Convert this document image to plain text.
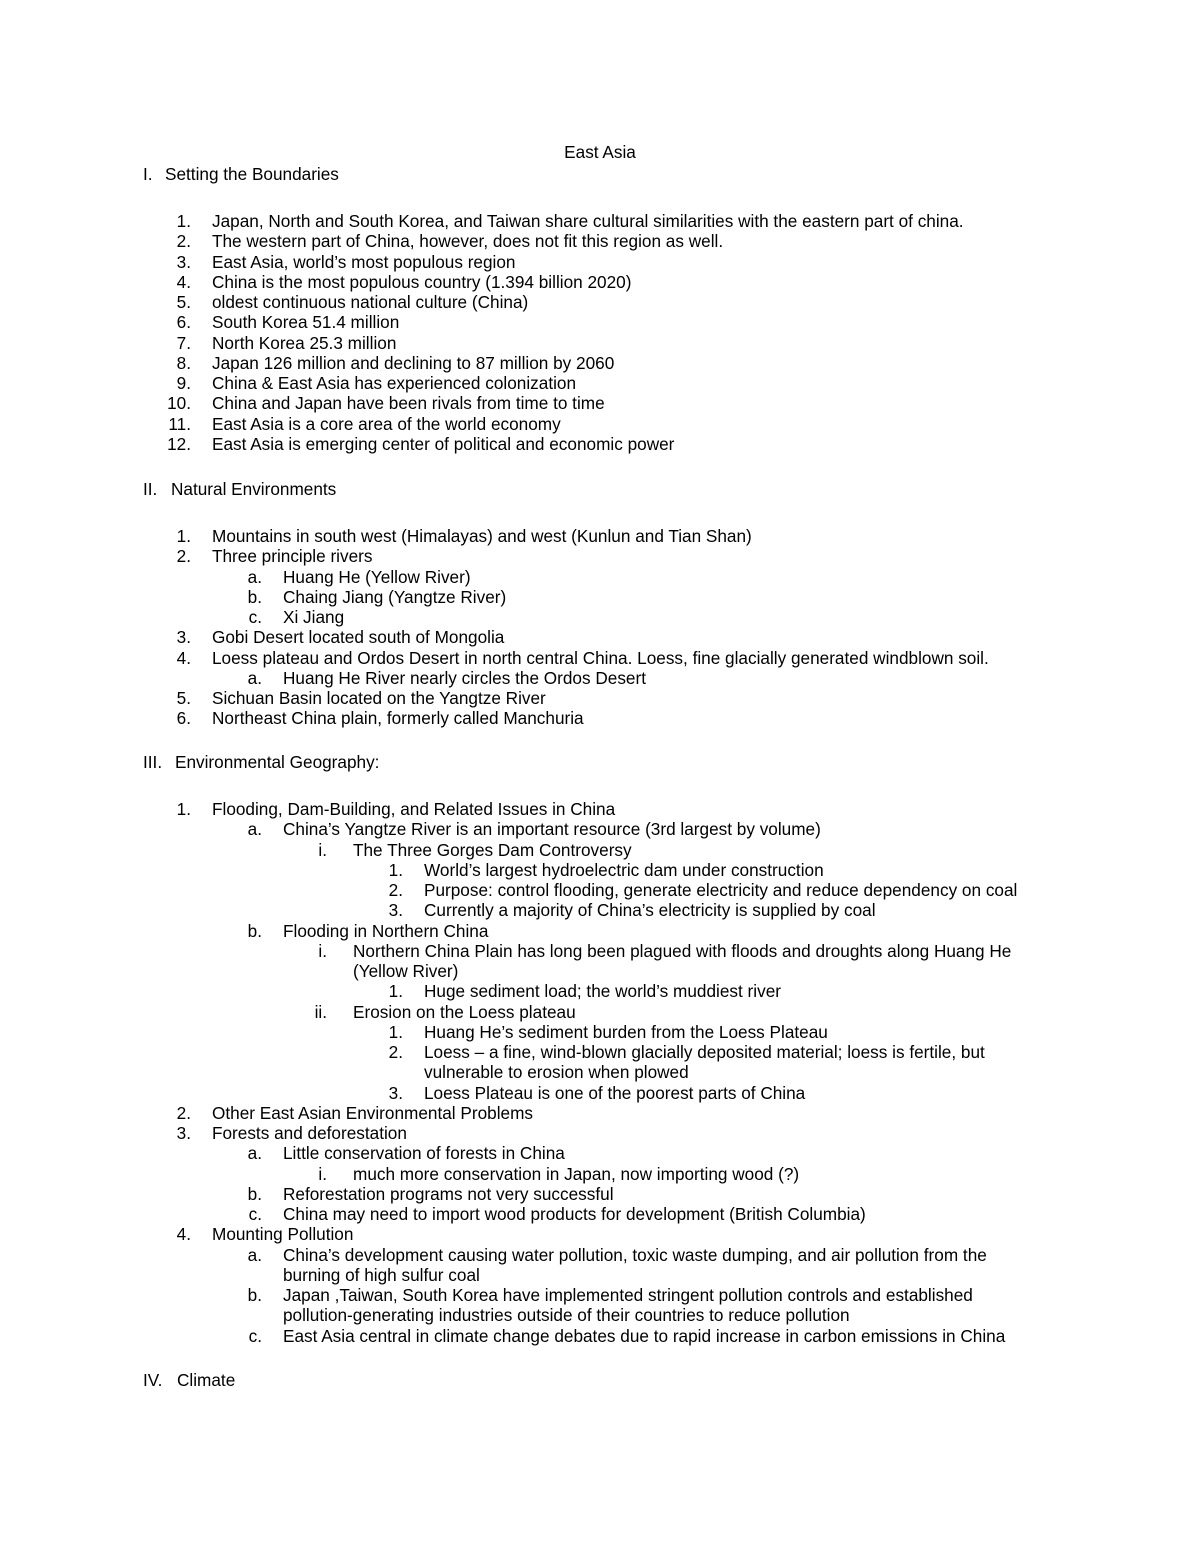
East Asia
I. Setting the Boundaries
1. Japan, North and South Korea, and Taiwan share cultural similarities with the eastern part of china.
2. The western part of China, however, does not fit this region as well.
3. East Asia, world’s most populous region
4. China is the most populous country (1.394 billion 2020)
5. oldest continuous national culture (China)
6. South Korea 51.4 million
7. North Korea 25.3 million
8. Japan 126 million and declining to 87 million by 2060
9. China & East Asia has experienced colonization
10. China and Japan have been rivals from time to time
11. East Asia is a core area of the world economy
12. East Asia is emerging center of political and economic power
II. Natural Environments
1. Mountains in south west (Himalayas) and west (Kunlun and Tian Shan)
2. Three principle rivers
a. Huang He (Yellow River)
b. Chaing Jiang (Yangtze River)
c. Xi Jiang
3. Gobi Desert located south of Mongolia
4. Loess plateau and Ordos Desert in north central China. Loess, fine glacially generated windblown soil.
a. Huang He River nearly circles the Ordos Desert
5. Sichuan Basin located on the Yangtze River
6. Northeast China plain, formerly called Manchuria
III. Environmental Geography:
1. Flooding, Dam-Building, and Related Issues in China
a. China’s Yangtze River is an important resource (3rd largest by volume)
i. The Three Gorges Dam Controversy
1. World’s largest hydroelectric dam under construction
2. Purpose: control flooding, generate electricity and reduce dependency on coal
3. Currently a majority of China’s electricity is supplied by coal
b. Flooding in Northern China
i. Northern China Plain has long been plagued with floods and droughts along Huang He
(Yellow River)
1. Huge sediment load; the world’s muddiest river
ii. Erosion on the Loess plateau
1. Huang He’s sediment burden from the Loess Plateau
2. Loess – a fine, wind-blown glacially deposited material; loess is fertile, but
vulnerable to erosion when plowed
3. Loess Plateau is one of the poorest parts of China
2. Other East Asian Environmental Problems
3. Forests and deforestation
a. Little conservation of forests in China
i. much more conservation in Japan, now importing wood (?)
b. Reforestation programs not very successful
c. China may need to import wood products for development (British Columbia)
4. Mounting Pollution
a. China’s development causing water pollution, toxic waste dumping, and air pollution from the
burning of high sulfur coal
b. Japan ,Taiwan, South Korea have implemented stringent pollution controls and established
pollution-generating industries outside of their countries to reduce pollution
c. East Asia central in climate change debates due to rapid increase in carbon emissions in China
IV. Climate
